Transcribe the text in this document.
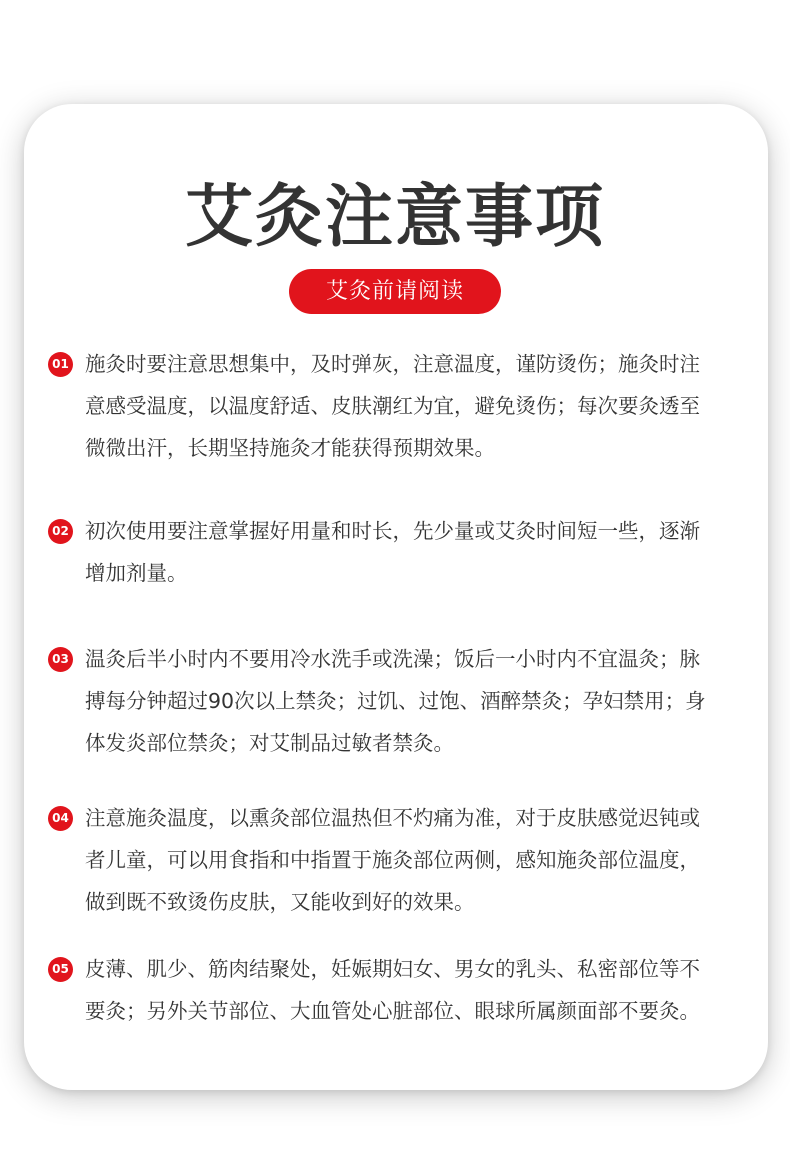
艾灸注意事项
艾灸前请阅读
01 施灸时要注意思想集中，及时弹灰，注意温度，谨防烫伤；施灸时注
意感受温度，以温度舒适、皮肤潮红为宜，避免烫伤；每次要灸透至
微微出汗，长期坚持施灸才能获得预期效果。

02 初次使用要注意掌握好用量和时长，先少量或艾灸时间短一些，逐渐
增加剂量。

03 温灸后半小时内不要用冷水洗手或洗澡；饭后一小时内不宜温灸；脉
搏每分钟超过90次以上禁灸；过饥、过饱、酒醉禁灸；孕妇禁用；身
体发炎部位禁灸；对艾制品过敏者禁灸。

04 注意施灸温度，以熏灸部位温热但不灼痛为准，对于皮肤感觉迟钝或
者儿童，可以用食指和中指置于施灸部位两侧，感知施灸部位温度，
做到既不致烫伤皮肤，又能收到好的效果。

05 皮薄、肌少、筋肉结聚处，妊娠期妇女、男女的乳头、私密部位等不
要灸；另外关节部位、大血管处心脏部位、眼球所属颜面部不要灸。
